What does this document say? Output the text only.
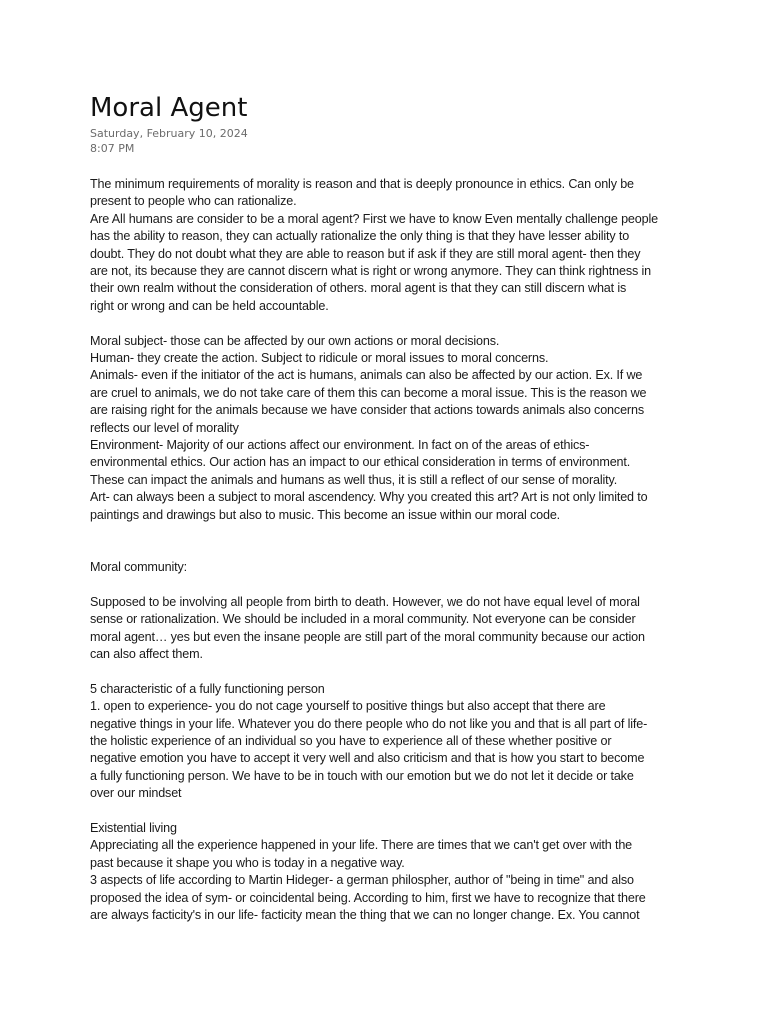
Moral Agent
Saturday, February 10, 2024
8:07 PM
The minimum requirements of morality is reason and that is deeply pronounce in ethics. Can only be
present to people who can rationalize.
Are All humans are consider to be a moral agent? First we have to know Even mentally challenge people
has the ability to reason, they can actually rationalize the only thing is that they have lesser ability to
doubt. They do not doubt what they are able to reason but if ask if they are still moral agent- then they
are not, its because they are cannot discern what is right or wrong anymore. They can think rightness in
their own realm without the consideration of others. moral agent is that they can still discern what is
right or wrong and can be held accountable.
Moral subject- those can be affected by our own actions or moral decisions.
Human- they create the action. Subject to ridicule or moral issues to moral concerns.
Animals- even if the initiator of the act is humans, animals can also be affected by our action. Ex. If we
are cruel to animals, we do not take care of them this can become a moral issue. This is the reason we
are raising right for the animals because we have consider that actions towards animals also concerns
reflects our level of morality
Environment- Majority of our actions affect our environment. In fact on of the areas of ethics-
environmental ethics. Our action has an impact to our ethical consideration in terms of environment.
These can impact the animals and humans as well thus, it is still a reflect of our sense of morality.
Art- can always been a subject to moral ascendency. Why you created this art? Art is not only limited to
paintings and drawings but also to music. This become an issue within our moral code.
Moral community:
Supposed to be involving all people from birth to death. However, we do not have equal level of moral
sense or rationalization. We should be included in a moral community. Not everyone can be consider
moral agent… yes but even the insane people are still part of the moral community because our action
can also affect them.
5 characteristic of a fully functioning person
1. open to experience- you do not cage yourself to positive things but also accept that there are
negative things in your life. Whatever you do there people who do not like you and that is all part of life-
the holistic experience of an individual so you have to experience all of these whether positive or
negative emotion you have to accept it very well and also criticism and that is how you start to become
a fully functioning person. We have to be in touch with our emotion but we do not let it decide or take
over our mindset
Existential living
Appreciating all the experience happened in your life. There are times that we can't get over with the
past because it shape you who is today in a negative way.
3 aspects of life according to Martin Hideger- a german philospher, author of "being in time" and also
proposed the idea of sym- or coincidental being. According to him, first we have to recognize that there
are always facticity's in our life- facticity mean the thing that we can no longer change. Ex. You cannot
